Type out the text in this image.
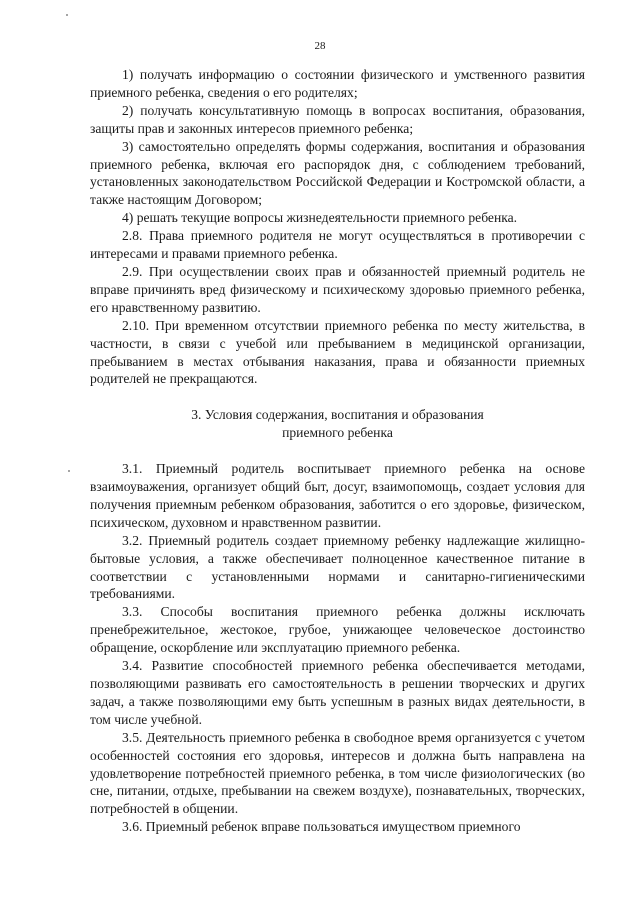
28

1) получать информацию о состоянии физического и умственного развития приемного ребенка, сведения о его родителях;

2) получать консультативную помощь в вопросах воспитания, образования, защиты прав и законных интересов приемного ребенка;

3) самостоятельно определять формы содержания, воспитания и образования приемного ребенка, включая его распорядок дня, с соблюдением требований, установленных законодательством Российской Федерации и Костромской области, а также настоящим Договором;

4) решать текущие вопросы жизнедеятельности приемного ребенка.

2.8. Права приемного родителя не могут осуществляться в противоречии с интересами и правами приемного ребенка.

2.9. При осуществлении своих прав и обязанностей приемный родитель не вправе причинять вред физическому и психическому здоровью приемного ребенка, его нравственному развитию.

2.10. При временном отсутствии приемного ребенка по месту жительства, в частности, в связи с учебой или пребыванием в медицинской организации, пребыванием в местах отбывания наказания, права и обязанности приемных родителей не прекращаются.

3. Условия содержания, воспитания и образования
приемного ребенка

3.1. Приемный родитель воспитывает приемного ребенка на основе взаимоуважения, организует общий быт, досуг, взаимопомощь, создает условия для получения приемным ребенком образования, заботится о его здоровье, физическом, психическом, духовном и нравственном развитии.

3.2. Приемный родитель создает приемному ребенку надлежащие жилищно-бытовые условия, а также обеспечивает полноценное качественное питание в соответствии с установленными нормами и санитарно-гигиеническими требованиями.

3.3. Способы воспитания приемного ребенка должны исключать пренебрежительное, жестокое, грубое, унижающее человеческое достоинство обращение, оскорбление или эксплуатацию приемного ребенка.

3.4. Развитие способностей приемного ребенка обеспечивается методами, позволяющими развивать его самостоятельность в решении творческих и других задач, а также позволяющими ему быть успешным в разных видах деятельности, в том числе учебной.

3.5. Деятельность приемного ребенка в свободное время организуется с учетом особенностей состояния его здоровья, интересов и должна быть направлена на удовлетворение потребностей приемного ребенка, в том числе физиологических (во сне, питании, отдыхе, пребывании на свежем воздухе), познавательных, творческих, потребностей в общении.

3.6. Приемный ребенок вправе пользоваться имуществом приемного
